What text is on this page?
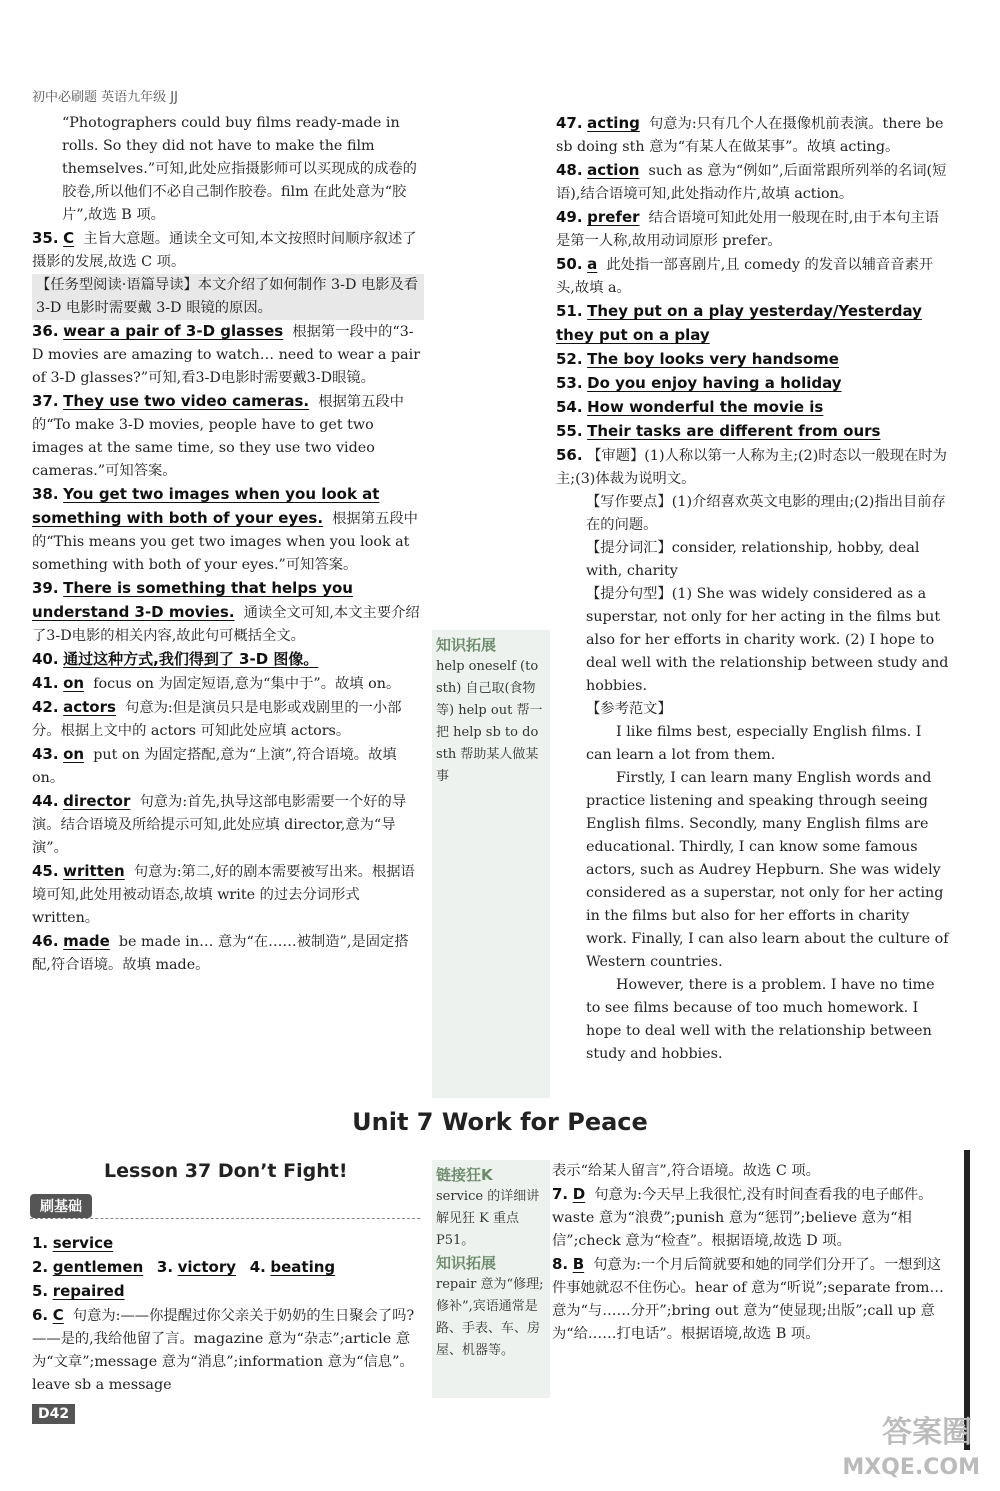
初中必刷题 英语九年级 JJ

“Photographers could buy films ready-made in rolls. So they did not have to make the film themselves.”可知,此处应指摄影师可以买现成的成卷的胶卷,所以他们不必自己制作胶卷。film 在此处意为“胶片”,故选 B 项。

35. C 主旨大意题。通读全文可知,本文按照时间顺序叙述了摄影的发展,故选 C 项。

【任务型阅读·语篇导读】本文介绍了如何制作 3-D 电影及看 3-D 电影时需要戴 3-D 眼镜的原因。

36. wear a pair of 3-D glasses 根据第一段中的“3-D movies are amazing to watch… need to wear a pair of 3-D glasses?”可知,看3-D电影时需要戴3-D眼镜。

37. They use two video cameras. 根据第五段中的“To make 3-D movies, people have to get two images at the same time, so they use two video cameras.”可知答案。

38. You get two images when you look at something with both of your eyes. 根据第五段中的“This means you get two images when you look at something with both of your eyes.”可知答案。

39. There is something that helps you understand 3-D movies. 通读全文可知,本文主要介绍了3-D电影的相关内容,故此句可概括全文。

40. 通过这种方式,我们得到了 3-D 图像。

41. on focus on 为固定短语,意为“集中于”。故填 on。

42. actors 句意为:但是演员只是电影或戏剧里的一小部分。根据上文中的 actors 可知此处应填 actors。

43. on put on 为固定搭配,意为“上演”,符合语境。故填 on。

44. director 句意为:首先,执导这部电影需要一个好的导演。结合语境及所给提示可知,此处应填 director,意为“导演”。

45. written 句意为:第二,好的剧本需要被写出来。根据语境可知,此处用被动语态,故填 write 的过去分词形式 written。

46. made be made in… 意为“在……被制造”,是固定搭配,符合语境。故填 made。

知识拓展
help oneself (to sth) 自己取(食物等) help out 帮一把 help sb to do sth 帮助某人做某事

47. acting 句意为:只有几个人在摄像机前表演。there be sb doing sth 意为“有某人在做某事”。故填 acting。

48. action such as 意为“例如”,后面常跟所列举的名词(短语),结合语境可知,此处指动作片,故填 action。

49. prefer 结合语境可知此处用一般现在时,由于本句主语是第一人称,故用动词原形 prefer。

50. a 此处指一部喜剧片,且 comedy 的发音以辅音音素开头,故填 a。

51. They put on a play yesterday/Yesterday they put on a play

52. The boy looks very handsome

53. Do you enjoy having a holiday

54. How wonderful the movie is

55. Their tasks are different from ours

56. 【审题】(1)人称以第一人称为主;(2)时态以一般现在时为主;(3)体裁为说明文。

【写作要点】(1)介绍喜欢英文电影的理由;(2)指出目前存在的问题。

【提分词汇】consider, relationship, hobby, deal with, charity

【提分句型】(1) She was widely considered as a superstar, not only for her acting in the films but also for her efforts in charity work. (2) I hope to deal well with the relationship between study and hobbies.

【参考范文】

I like films best, especially English films. I can learn a lot from them.

Firstly, I can learn many English words and practice listening and speaking through seeing English films. Secondly, many English films are educational. Thirdly, I can know some famous actors, such as Audrey Hepburn. She was widely considered as a superstar, not only for her acting in the films but also for her efforts in charity work. Finally, I can also learn about the culture of Western countries.

However, there is a problem. I have no time to see films because of too much homework. I hope to deal well with the relationship between study and hobbies.

Unit 7 Work for Peace
Lesson 37 Don’t Fight!
刷基础

1. service

2. gentlemen 3. victory 4. beating

5. repaired

6. C 句意为:——你提醒过你父亲关于奶奶的生日聚会了吗?——是的,我给他留了言。magazine 意为“杂志”;article 意为“文章”;message 意为“消息”;information 意为“信息”。leave sb a message

链接狂K
service 的详细讲解见狂 K 重点 P51。
知识拓展
repair 意为“修理;修补”,宾语通常是路、手表、车、房屋、机器等。

表示“给某人留言”,符合语境。故选 C 项。

7. D 句意为:今天早上我很忙,没有时间查看我的电子邮件。waste 意为“浪费”;punish 意为“惩罚”;believe 意为“相信”;check 意为“检查”。根据语境,故选 D 项。

8. B 句意为:一个月后简就要和她的同学们分开了。一想到这件事她就忍不住伤心。hear of 意为“听说”;separate from… 意为“与……分开”;bring out 意为“使显现;出版”;call up 意为“给……打电话”。根据语境,故选 B 项。

D42
答案圈
MXQE.COM
